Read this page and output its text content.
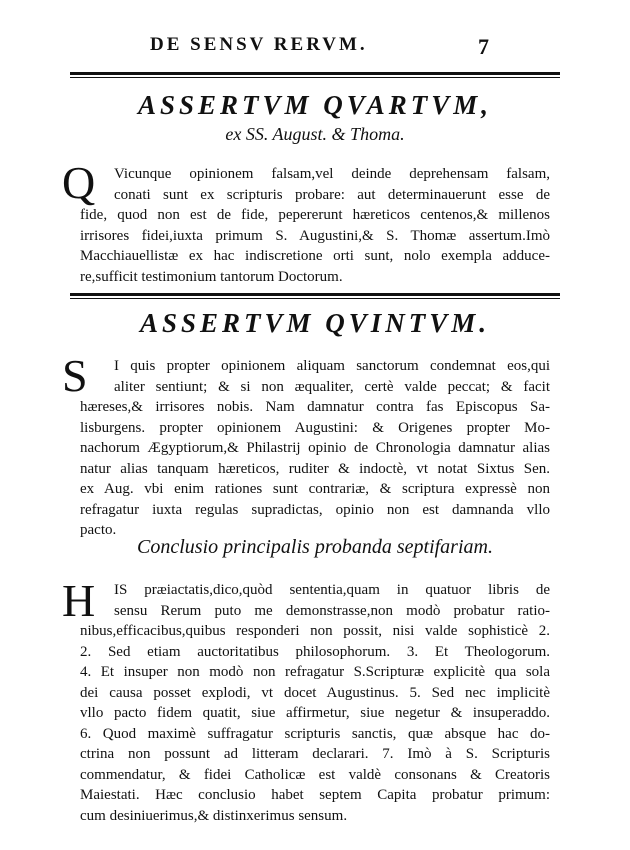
DE SENSV RERVM.	7
ASSERTVM QVARTVM,
ex SS. August. & Thoma.
Q	Vicunque opinionem falsam,vel deinde deprehensam falsam,
conati sunt ex scripturis probare: aut determinauerunt esse de
fide, quod non est de fide, pepererunt hæreticos centenos,& millenos
irrisores fidei,iuxta primum S. Augustini,& S. Thomæ assertum.Imò
Macchiauellistæ ex hac indiscretione orti sunt, nolo exempla adduce-
re,sufficit testimonium tantorum Doctorum.
ASSERTVM QVINTVM.
S	I quis propter opinionem aliquam sanctorum condemnat eos,qui
aliter sentiunt; & si non æqualiter, certè valde peccat; & facit
hæreses,& irrisores nobis. Nam damnatur contra fas Episcopus Sa-
lisburgens. propter opinionem Augustini: & Origenes propter Mo-
nachorum Ægyptiorum,& Philastrij opinio de Chronologia damnatur alias
natur alias tanquam hæreticos, ruditer & indoctè, vt notat Sixtus Sen.
ex Aug. vbi enim rationes sunt contrariæ, & scriptura expressè non
refragatur iuxta regulas supradictas, opinio non est damnanda vllo
pacto.
Conclusio principalis probanda septifariam.
H	IS præiactatis,dico,quòd sententia,quam in quatuor libris de
sensu Rerum puto me demonstrasse,non modò probatur ratio-
nibus,efficacibus,quibus responderi non possit, nisi valde sophisticè 2.
2. Sed etiam auctoritatibus philosophorum. 3. Et Theologorum.
4. Et insuper non modò non refragatur S.Scripturæ explicitè qua sola
dei causa posset explodi, vt docet Augustinus. 5. Sed nec implicitè
vllo pacto fidem quatit, siue affirmetur, siue negetur & insuperaddo.
6. Quod maximè suffragatur scripturis sanctis, quæ absque hac do-
ctrina non possunt ad litteram declarari. 7. Imò à S. Scripturis
commendatur, & fidei Catholicæ est valdè consonans & Creatoris
Maiestati. Hæc conclusio habet septem Capita probatur primum:
cum desiniuerimus,& distinxerimus sensum.
